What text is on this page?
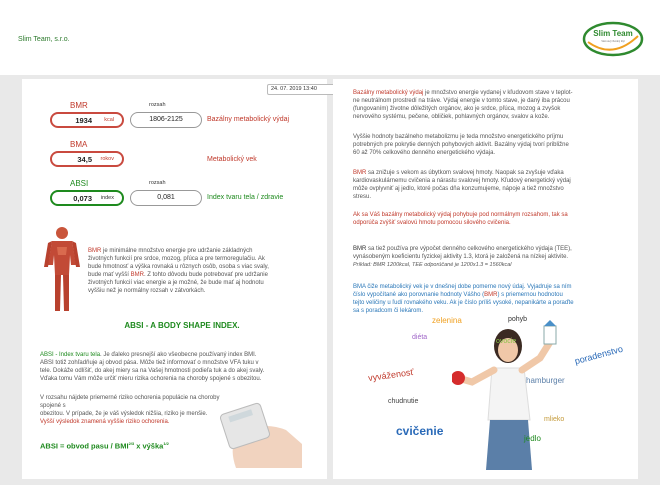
Slim Team, s.r.o.
Slim Team
Váš nový životný štýl
24. 07. 2019 13:40
BMR	rozsah
1934 kcal	1806-2125	Bazálny metabolický výdaj
BMA
34,5 rokov	Metabolický vek
ABSI	rozsah
0,073 index	0,081	Index tvaru tela / zdravie
BMR je minimálne množstvo energie pre udržanie základných
životných funkcií pre srdce, mozog, pľúca a pre termoregulačiu. Ak
bude hmotnosť a výška rovnaká u rôznych osôb, osoba s viac svaly,
bude mať vyšší BMR. Z tohto dôvodu bude potrebovať pre udržanie
životných funkcií viac energie a je možné, že bude mať aj hodnotu
vyššiu než je normálny rozsah v zátvorkách.
ABSI - A BODY SHAPE INDEX.
ABSI - Index tvaru tela. Je ďaleko presnejší ako všeobecne používaný index BMI.
ABSI totiž zohľadňuje aj obvod pása. Môže tiež informovať o množstve VFA tuku v
tele. Dokáže odlíšiť, do akej miery sa na Vašej hmotnosti podieľa tuk a do akej svaly.
Vďaka tomu Vám môže určiť mieru rizika ochorenia na choroby spojené s obezitou.
V rozsahu nájdete priemerné riziko ochorenia populácie na choroby spojené s
obezitou. V prípade, že je váš výsledok nižšia, riziko je menšie.
Vyšší výsledok znamená vyššie riziko ochorenia.
ABSI = obvod pasu / $BMI^{2/3}$ x výška$^{1/2}$
Bazálny metabolický výdaj je množstvo energie vydanej v kľudovom stave v teplot-
ne neutrálnom prostredí na tráve. Výdaj energie v tomto stave, je daný iba prácou
(fungovaním) životne dôležitých orgánov, ako je srdce, pľúca, mozog a zvyšok
nervového systému, pečene, obličiek, pohlavných orgánov, svalov a kože.
Vyššie hodnoty bazálneho metabolizmu je teda množstvo energetického príjmu
potrebných pre pokrytie denných pohybových aktivít. Bazálny výdaj tvorí približne
60 až 70% celkového denného energetického výdaja.
BMR sa znižuje s vekom as úbytkom svalovej hmoty. Naopak sa zvyšuje vďaka
kardiovaskulárnemu cvičenia a nárastu svalovej hmoty. Kľudový energetický výdaj
môže ovplyvniť aj jedlo, ktoré počas dňa konzumujeme, nápoje a tiež množstvo
stresu.
Ak sa Váš bazálny metabolický výdaj pohybuje pod normálnym rozsahom, tak sa
odporúča zvýšiť svalovú hmotu pomocou silového cvičenia.
BMR sa tiež používa pre výpočet denného celkového energetického výdaja (TEE),
vynásobeným koeficientu fyzickej aktivity 1.3, ktorá je založená na nízkej aktivite.
Príklad: BMR 1200kcal, TEE odporúčané je 1200x1.3 = 1560kcal
BMA čiže metabolický vek je v dnešnej dobe pomerne nový údaj. Vyjadruje sa ním
číslo vypočítané ako porovnanie hodnoty Vášho (BMR) s priemernou hodnotou
tejto veličiny u ľudí rovnakého veku. Ak je číslo príliš vysoké, nepanikárte a poraďte
sa s poradcom či lekárom.
zelenina	pohyb
diéta
ovocie
poradenstvo
vyváženosť	hamburger
chudnutie
mlieko
cvičenie
jedlo
